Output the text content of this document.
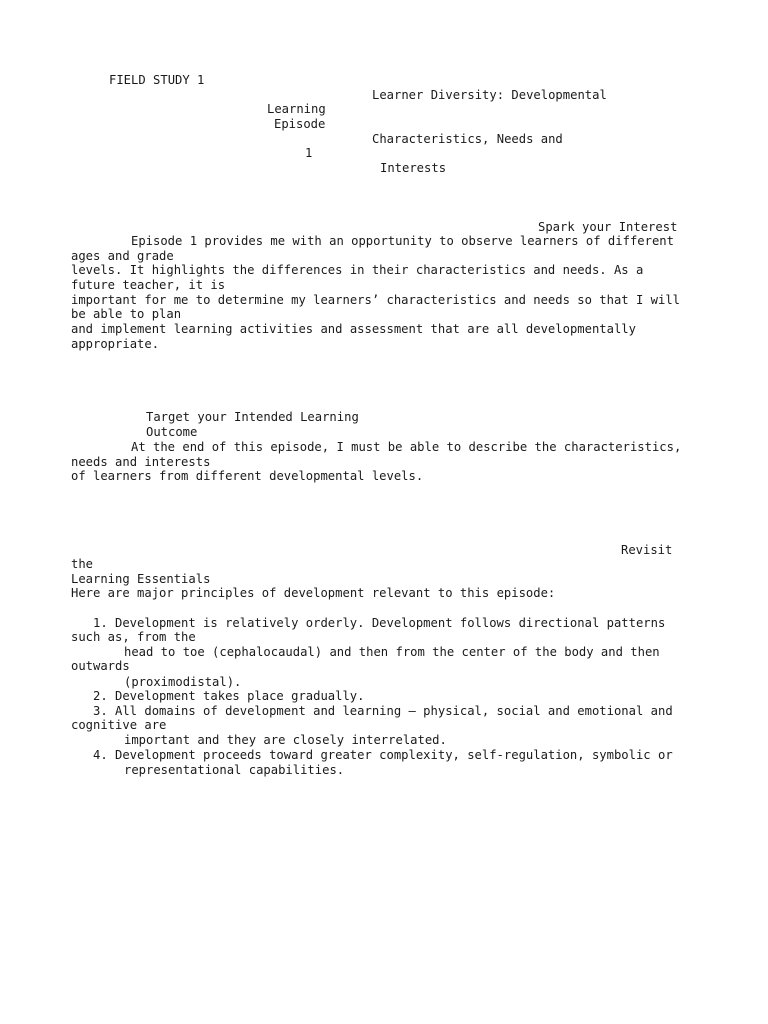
FIELD STUDY 1
Learner Diversity: Developmental
Learning
Episode
Characteristics, Needs and
1
Interests
Spark your Interest
Episode 1 provides me with an opportunity to observe learners of different
ages and grade
levels. It highlights the differences in their characteristics and needs. As a
future teacher, it is
important for me to determine my learners’ characteristics and needs so that I will
be able to plan
and implement learning activities and assessment that are all developmentally
appropriate.
Target your Intended Learning
Outcome
At the end of this episode, I must be able to describe the characteristics,
needs and interests
of learners from different developmental levels.
Revisit
the
Learning Essentials
Here are major principles of development relevant to this episode:
1. Development is relatively orderly. Development follows directional patterns
such as, from the
head to toe (cephalocaudal) and then from the center of the body and then
outwards
(proximodistal).
2. Development takes place gradually.
3. All domains of development and learning — physical, social and emotional and
cognitive are
important and they are closely interrelated.
4. Development proceeds toward greater complexity, self-regulation, symbolic or
representational capabilities.
